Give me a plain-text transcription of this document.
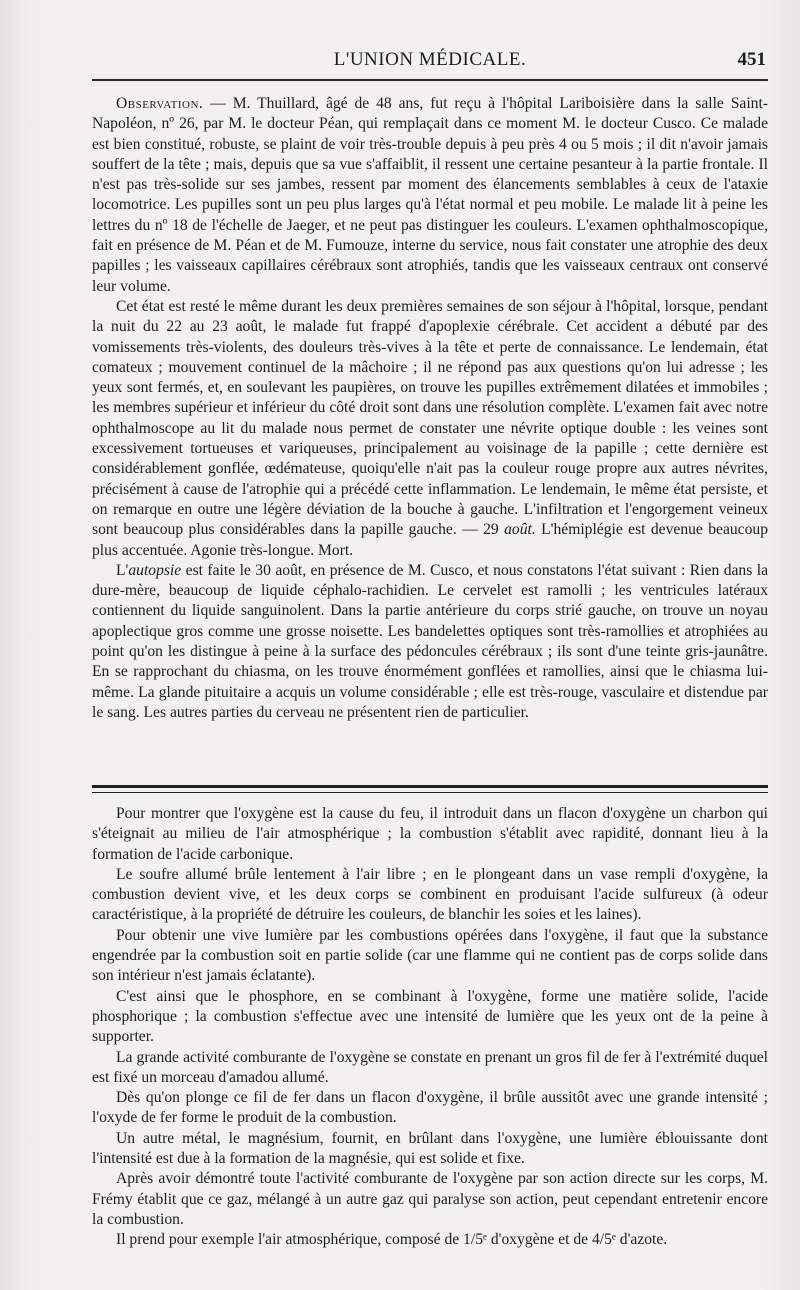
L'UNION MÉDICALE.	451

Observation. — M. Thuillard, âgé de 48 ans, fut reçu à l'hôpital Lariboisière dans la salle Saint-Napoléon, nº 26, par M. le docteur Péan, qui remplaçait dans ce moment M. le docteur Cusco. Ce malade est bien constitué, robuste, se plaint de voir très-trouble depuis à peu près 4 ou 5 mois ; il dit n'avoir jamais souffert de la tête ; mais, depuis que sa vue s'affaiblit, il ressent une certaine pesanteur à la partie frontale. Il n'est pas très-solide sur ses jambes, ressent par moment des élancements semblables à ceux de l'ataxie locomotrice. Les pupilles sont un peu plus larges qu'à l'état normal et peu mobile. Le malade lit à peine les lettres du nº 18 de l'échelle de Jaeger, et ne peut pas distinguer les couleurs. L'examen ophthalmoscopique, fait en présence de M. Péan et de M. Fumouze, interne du service, nous fait constater une atrophie des deux papilles ; les vaisseaux capillaires cérébraux sont atrophiés, tandis que les vaisseaux centraux ont conservé leur volume.

Cet état est resté le même durant les deux premières semaines de son séjour à l'hôpital, lorsque, pendant la nuit du 22 au 23 août, le malade fut frappé d'apoplexie cérébrale. Cet accident a débuté par des vomissements très-violents, des douleurs très-vives à la tête et perte de connaissance. Le lendemain, état comateux ; mouvement continuel de la mâchoire ; il ne répond pas aux questions qu'on lui adresse ; les yeux sont fermés, et, en soulevant les paupières, on trouve les pupilles extrêmement dilatées et immobiles ; les membres supérieur et inférieur du côté droit sont dans une résolution complète. L'examen fait avec notre ophthalmoscope au lit du malade nous permet de constater une névrite optique double : les veines sont excessivement tortueuses et variqueuses, principalement au voisinage de la papille ; cette dernière est considérablement gonflée, œdémateuse, quoiqu'elle n'ait pas la couleur rouge propre aux autres névrites, précisément à cause de l'atrophie qui a précédé cette inflammation. Le lendemain, le même état persiste, et on remarque en outre une légère déviation de la bouche à gauche. L'infiltration et l'engorgement veineux sont beaucoup plus considérables dans la papille gauche. — 29 août. L'hémiplégie est devenue beaucoup plus accentuée. Agonie très-longue. Mort.

L'autopsie est faite le 30 août, en présence de M. Cusco, et nous constatons l'état suivant : Rien dans la dure-mère, beaucoup de liquide céphalo-rachidien. Le cervelet est ramolli ; les ventricules latéraux contiennent du liquide sanguinolent. Dans la partie antérieure du corps strié gauche, on trouve un noyau apoplectique gros comme une grosse noisette. Les bandelettes optiques sont très-ramollies et atrophiées au point qu'on les distingue à peine à la surface des pédoncules cérébraux ; ils sont d'une teinte gris-jaunâtre. En se rapprochant du chiasma, on les trouve énormément gonflées et ramollies, ainsi que le chiasma lui-même. La glande pituitaire a acquis un volume considérable ; elle est très-rouge, vasculaire et distendue par le sang. Les autres parties du cerveau ne présentent rien de particulier.

Pour montrer que l'oxygène est la cause du feu, il introduit dans un flacon d'oxygène un charbon qui s'éteignait au milieu de l'air atmosphérique ; la combustion s'établit avec rapidité, donnant lieu à la formation de l'acide carbonique.

Le soufre allumé brûle lentement à l'air libre ; en le plongeant dans un vase rempli d'oxygène, la combustion devient vive, et les deux corps se combinent en produisant l'acide sulfureux (à odeur caractéristique, à la propriété de détruire les couleurs, de blanchir les soies et les laines).

Pour obtenir une vive lumière par les combustions opérées dans l'oxygène, il faut que la substance engendrée par la combustion soit en partie solide (car une flamme qui ne contient pas de corps solide dans son intérieur n'est jamais éclatante).

C'est ainsi que le phosphore, en se combinant à l'oxygène, forme une matière solide, l'acide phosphorique ; la combustion s'effectue avec une intensité de lumière que les yeux ont de la peine à supporter.

La grande activité comburante de l'oxygène se constate en prenant un gros fil de fer à l'extrémité duquel est fixé un morceau d'amadou allumé.

Dès qu'on plonge ce fil de fer dans un flacon d'oxygène, il brûle aussitôt avec une grande intensité ; l'oxyde de fer forme le produit de la combustion.

Un autre métal, le magnésium, fournit, en brûlant dans l'oxygène, une lumière éblouissante dont l'intensité est due à la formation de la magnésie, qui est solide et fixe.

Après avoir démontré toute l'activité comburante de l'oxygène par son action directe sur les corps, M. Frémy établit que ce gaz, mélangé à un autre gaz qui paralyse son action, peut cependant entretenir encore la combustion.

Il prend pour exemple l'air atmosphérique, composé de 1/5ᵉ d'oxygène et de 4/5ᵉ d'azote.
